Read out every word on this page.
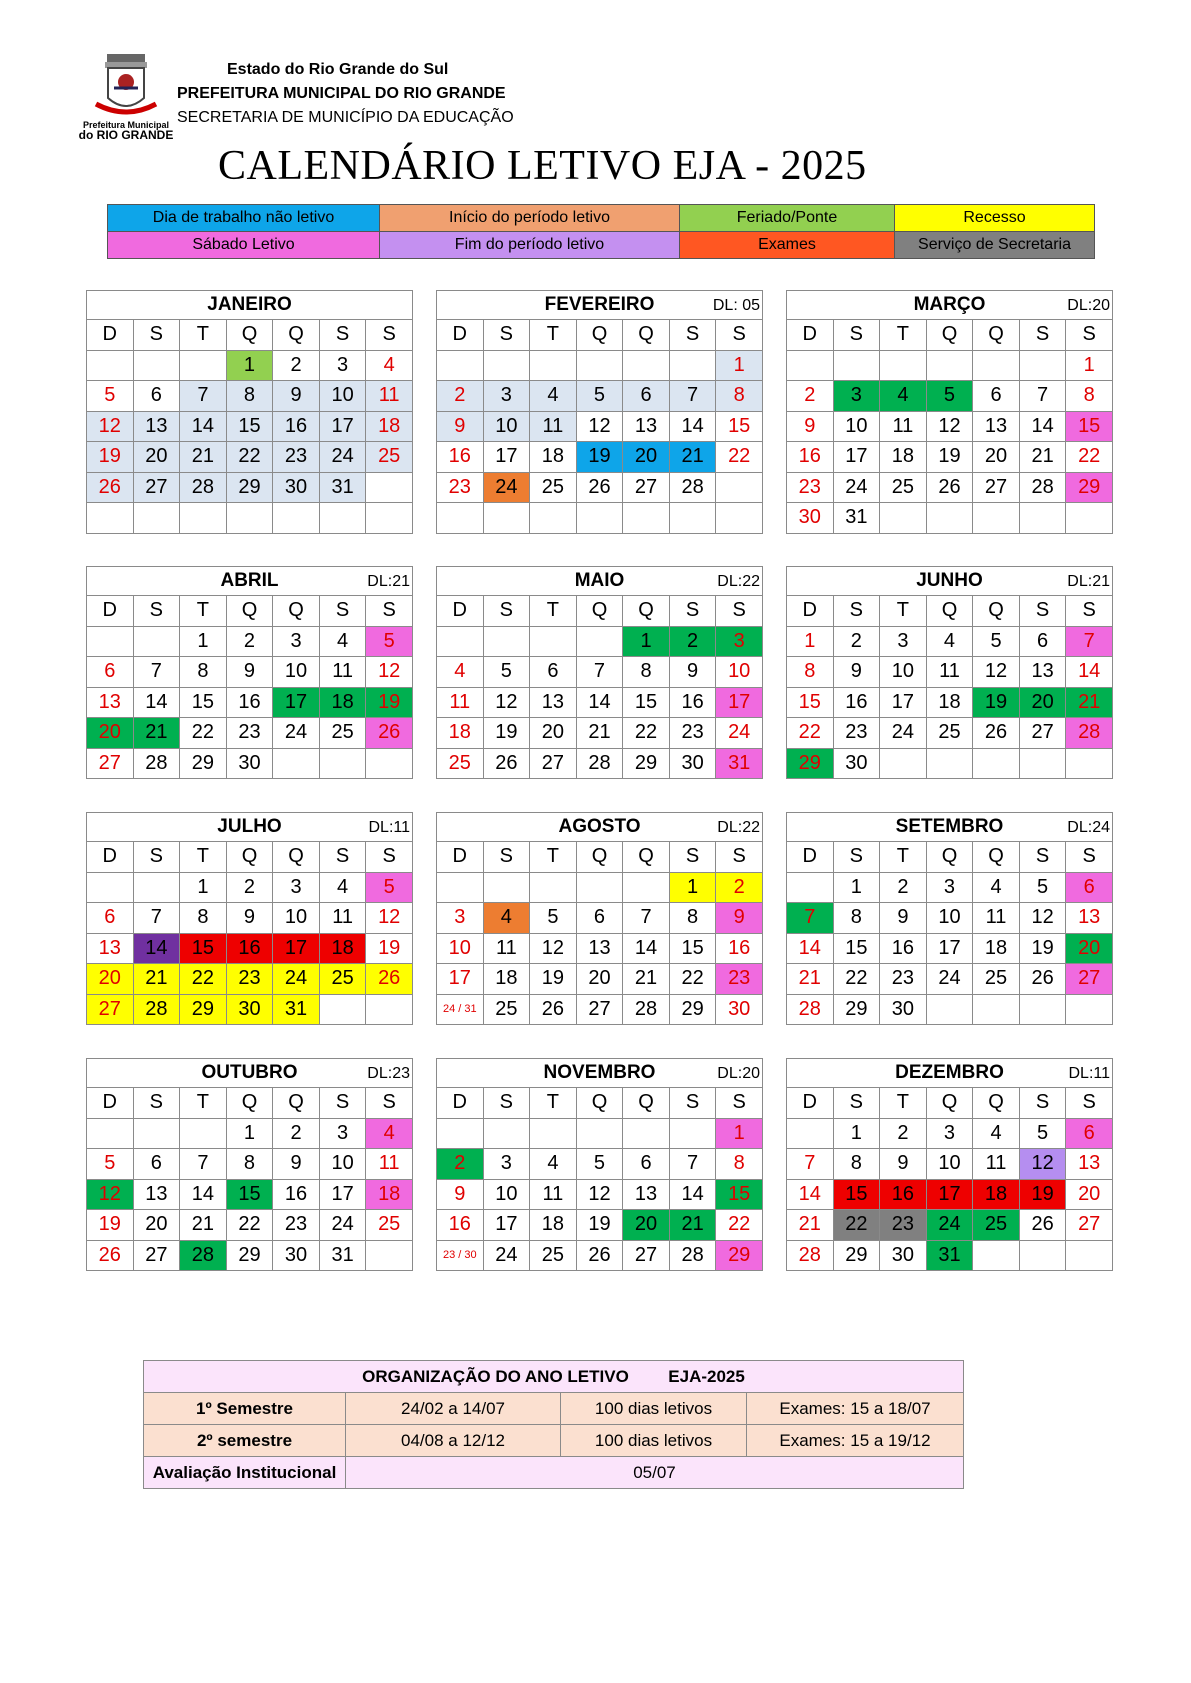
Prefeitura Municipal
do RIO GRANDE
Estado do Rio Grande do Sul
PREFEITURA MUNICIPAL DO RIO GRANDE
SECRETARIA DE MUNICÍPIO DA EDUCAÇÃO
CALENDÁRIO LETIVO EJA - 2025
Dia de trabalho não letivo	Início do período letivo	Feriado/Ponte	Recesso
Sábado Letivo	Fim do período letivo	Exames	Serviço de Secretaria
JANEIRO						
D	S	T	Q	Q	S	S
			1	2	3	4
5	6	7	8	9	10	11
12	13	14	15	16	17	18
19	20	21	22	23	24	25
26	27	28	29	30	31	

FEVEREIRO DL: 05						

D	S	T	Q	Q	S	S
						1
2	3	4	5	6	7	8
9	10	11	12	13	14	15
16	17	18	19	20	21	22
23	24	25	26	27	28	

MARÇO DL:20						

D	S	T	Q	Q	S	S
						1
2	3	4	5	6	7	8
9	10	11	12	13	14	15
16	17	18	19	20	21	22
23	24	25	26	27	28	29
30	31					
ABRIL DL:21						

D	S	T	Q	Q	S	S
		1	2	3	4	5
6	7	8	9	10	11	12
13	14	15	16	17	18	19
20	21	22	23	24	25	26
27	28	29	30			
MAIO DL:22						

D	S	T	Q	Q	S	S
				1	2	3
4	5	6	7	8	9	10
11	12	13	14	15	16	17
18	19	20	21	22	23	24
25	26	27	28	29	30	31
JUNHO DL:21						

D	S	T	Q	Q	S	S
1	2	3	4	5	6	7
8	9	10	11	12	13	14
15	16	17	18	19	20	21
22	23	24	25	26	27	28
29	30					
JULHO DL:11						

D	S	T	Q	Q	S	S
		1	2	3	4	5
6	7	8	9	10	11	12
13	14	15	16	17	18	19
20	21	22	23	24	25	26
27	28	29	30	31		
AGOSTO DL:22						

D	S	T	Q	Q	S	S
					1	2
3	4	5	6	7	8	9
10	11	12	13	14	15	16
17	18	19	20	21	22	23
24 / 31	25	26	27	28	29	30
SETEMBRO DL:24						

D	S	T	Q	Q	S	S
	1	2	3	4	5	6
7	8	9	10	11	12	13
14	15	16	17	18	19	20
21	22	23	24	25	26	27
28	29	30				
OUTUBRO DL:23						

D	S	T	Q	Q	S	S
			1	2	3	4
5	6	7	8	9	10	11
12	13	14	15	16	17	18
19	20	21	22	23	24	25
26	27	28	29	30	31	
NOVEMBRO DL:20						

D	S	T	Q	Q	S	S
						1
2	3	4	5	6	7	8
9	10	11	12	13	14	15
16	17	18	19	20	21	22
23 / 30	24	25	26	27	28	29
DEZEMBRO DL:11						

D	S	T	Q	Q	S	S
	1	2	3	4	5	6
7	8	9	10	11	12	13
14	15	16	17	18	19	20
21	22	23	24	25	26	27
28	29	30	31			
ORGANIZAÇÃO DO ANO LETIVO EJA-2025			
1º Semestre	24/02 a 14/07	100 dias letivos	Exames: 15 a 18/07
2º semestre	04/08 a 12/12	100 dias letivos	Exames: 15 a 19/12
Avaliação Institucional	05/07		
